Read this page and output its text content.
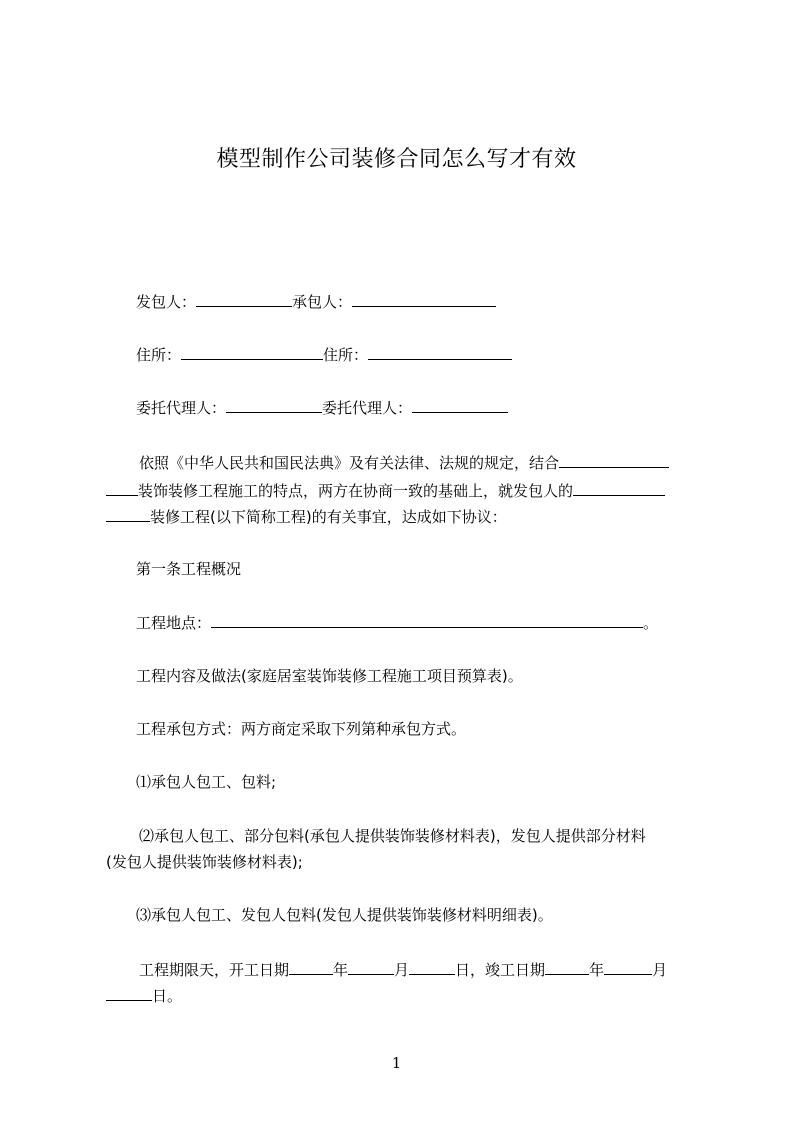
模型制作公司装修合同怎么写才有效
发包人：	承包人：
住所：	住所：
委托代理人：	委托代理人：
依照《中华人民共和国民法典》及有关法律、法规的规定，结合
装饰装修工程施工的特点，两方在协商一致的基础上，就发包人的
装修工程(以下简称工程)的有关事宜，达成如下协议：
第一条工程概况
工程地点：	。
工程内容及做法(家庭居室装饰装修工程施工项目预算表)。
工程承包方式：两方商定采取下列第种承包方式。
⑴承包人包工、包料;
⑵承包人包工、部分包料(承包人提供装饰装修材料表)，发包人提供部分材料
(发包人提供装饰装修材料表);
⑶承包人包工、发包人包料(发包人提供装饰装修材料明细表)。
工程期限天，开工日期	年	月	日，竣工日期	年	月
日。
1
